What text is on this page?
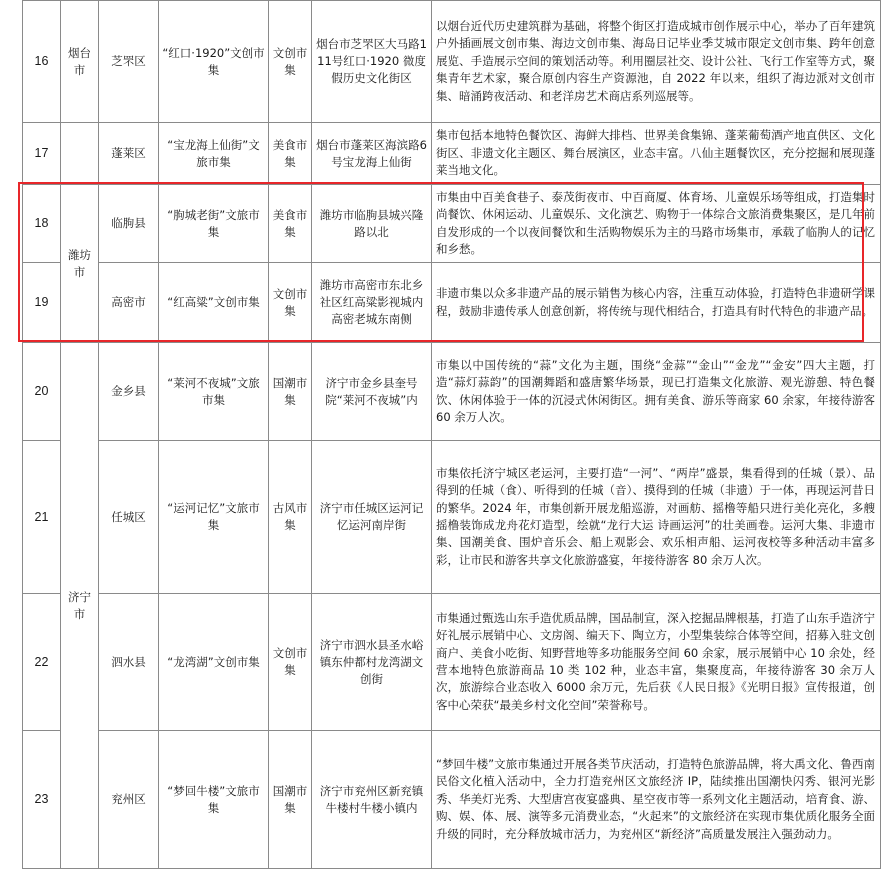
16	烟台市	芝罘区	“红口·1920”文创市集	文创市集	烟台市芝罘区大马路111号红口·1920 微度假历史文化街区	以烟台近代历史建筑群为基础，将整个街区打造成城市创作展示中心，举办了百年建筑户外插画展文创市集、海边文创市集、海岛日记毕业季艾城市限定文创市集、跨年创意展览、手造展示空间的策划活动等。利用圈层社交、设计公社、飞行工作室等方式，聚集青年艺术家，聚合原创内容生产资源池，自 2022 年以来，组织了海边派对文创市集、暗涌跨夜活动、和老洋房艺术商店系列巡展等。
17		蓬莱区	“宝龙海上仙街”文旅市集	美食市集	烟台市蓬莱区海滨路6号宝龙海上仙街	集市包括本地特色餐饮区、海鲜大排档、世界美食集锦、蓬莱葡萄酒产地直供区、文化街区、非遗文化主题区、舞台展演区，业态丰富。八仙主题餐饮区，充分挖掘和展现蓬莱当地文化。
18	潍坊市	临朐县	“朐城老街”文旅市集	美食市集	潍坊市临朐县城兴隆路以北	市集由中百美食巷子、泰茂街夜市、中百商厦、体育场、儿童娱乐场等组成，打造集时尚餐饮、休闲运动、儿童娱乐、文化演艺、购物于一体综合文旅消费集聚区，是几年前自发形成的一个以夜间餐饮和生活购物娱乐为主的马路市场集市，承载了临朐人的记忆和乡愁。
19		高密市	“红高粱”文创市集	文创市集	潍坊市高密市东北乡社区红高粱影视城内高密老城东南侧	非遗市集以众多非遗产品的展示销售为核心内容，注重互动体验，打造特色非遗研学课程，鼓励非遗传承人创意创新，将传统与现代相结合，打造具有时代特色的非遗产品。
20	济宁市	金乡县	“莱河不夜城”文旅市集	国潮市集	济宁市金乡县奎号院“莱河不夜城”内	市集以中国传统的“蒜”文化为主题，围绕“金蒜”“金山”“金龙”“金安”四大主题，打造“蒜灯蒜韵”的国潮舞蹈和盛唐繁华场景，现已打造集文化旅游、观光游憩、特色餐饮、休闲体验于一体的沉浸式休闲街区。拥有美食、游乐等商家 60 余家，年接待游客 60 余万人次。
21		任城区	“运河记忆”文旅市集	古风市集	济宁市任城区运河记忆运河南岸街	市集依托济宁城区老运河，主要打造“一河”、“两岸”盛景，集看得到的任城（景）、品得到的任城（食）、听得到的任城（音）、摸得到的任城（非遗）于一体，再现运河昔日的繁华。2024 年，市集创新开展龙船巡游，对画舫、摇橹等船只进行美化亮化，多艘摇橹装饰成龙舟花灯造型，绘就“龙行大运 诗画运河”的壮美画卷。运河大集、非遗市集、国潮美食、围炉音乐会、船上观影会、欢乐相声船、运河夜校等多种活动丰富多彩，让市民和游客共享文化旅游盛宴，年接待游客 80 余万人次。
22		泗水县	“龙湾湖”文创市集	文创市集	济宁市泗水县圣水峪镇东仲都村龙湾湖文创街	市集通过甄选山东手造优质品牌，国品制宣，深入挖掘品牌根基，打造了山东手造济宁好礼展示展销中心、文房阁、编天下、陶立方，小型集装综合体等空间，招募入驻文创商户、美食小吃街、知野营地等多功能服务空间 60 余家，展示展销中心 10 余处，经营本地特色旅游商品 10 类 102 种，业态丰富，集聚度高，年接待游客 30 余万人次，旅游综合业态收入 6000 余万元，先后获《人民日报》《光明日报》宣传报道，创客中心荣获“最美乡村文化空间”荣誉称号。
23		兖州区	“梦回牛楼”文旅市集	国潮市集	济宁市兖州区新兖镇牛楼村牛楼小镇内	“梦回牛楼”文旅市集通过开展各类节庆活动，打造特色旅游品牌，将大禹文化、鲁西南民俗文化植入活动中，全力打造兖州区文旅经济 IP，陆续推出国潮快闪秀、银河光影秀、华美灯光秀、大型唐宫夜宴盛典、星空夜市等一系列文化主题活动，培育食、游、购、娱、体、展、演等多元消费业态，“火起来”的文旅经济在实现市集优质化服务全面升级的同时，充分释放城市活力，为兖州区“新经济”高质量发展注入强劲动力。
